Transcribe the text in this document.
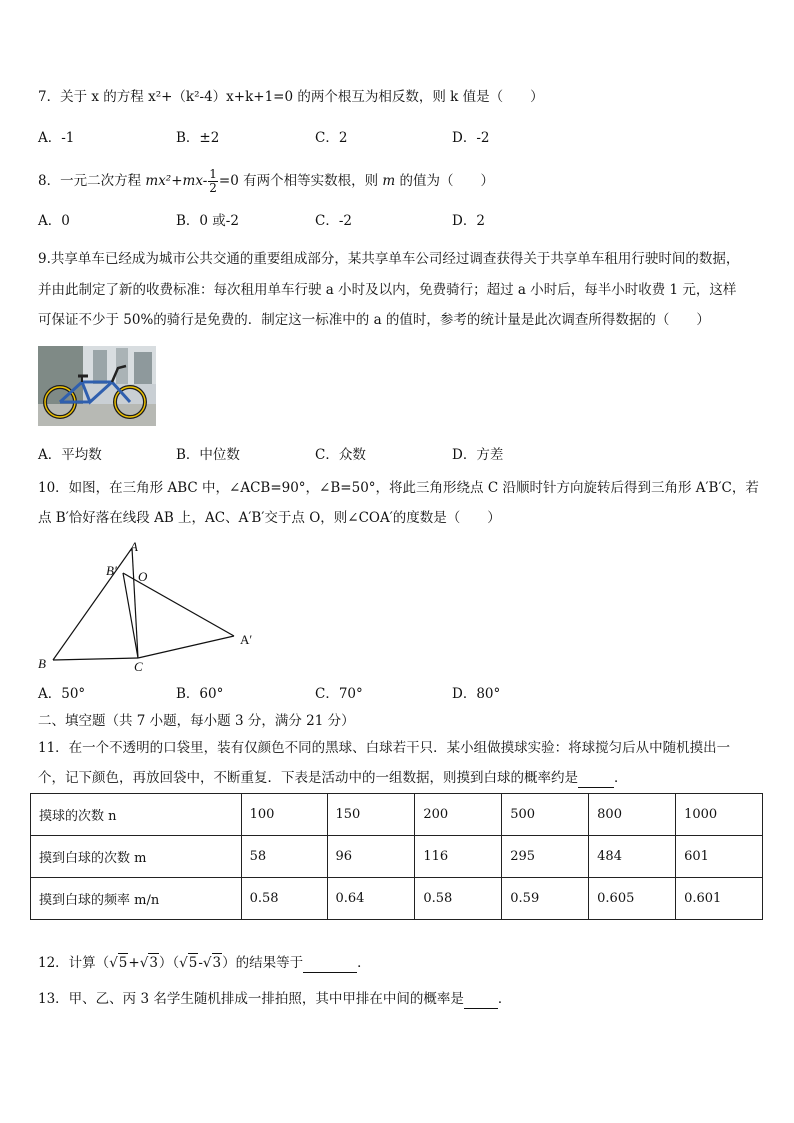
7．关于 x 的方程 x²+（k²-4）x+k+1=0 的两个根互为相反数，则 k 值是（　　）
A．-1	B．±2	C．2	D．-2
8．一元二次方程 $mx^2+mx- \frac{1}{2} =0$ 有两个相等实数根，则 m 的值为（　　）
A．0	B．0 或-2	C．-2	D．2
9.共享单车已经成为城市公共交通的重要组成部分，某共享单车公司经过调查获得关于共享单车租用行驶时间的数据，
并由此制定了新的收费标准：每次租用单车行驶 a 小时及以内，免费骑行；超过 a 小时后，每半小时收费 1 元，这样
可保证不少于 50%的骑行是免费的．制定这一标准中的 a 的值时，参考的统计量是此次调查所得数据的（　　）
A．平均数	B．中位数	C．众数	D．方差
10．如图，在三角形 ABC 中，∠ACB=90°，∠B=50°，将此三角形绕点 C 沿顺时针方向旋转后得到三角形 A′B′C，若
点 B′恰好落在线段 AB 上，AC、A′B′交于点 O，则∠COA′的度数是（　　）
A
B′ O
A′
B	C
A．50°	B．60°	C．70°	D．80°
二、填空题（共 7 小题，每小题 3 分，满分 21 分）
11．在一个不透明的口袋里，装有仅颜色不同的黑球、白球若干只．某小组做摸球实验：将球搅匀后从中随机摸出一
个，记下颜色，再放回袋中，不断重复．下表是活动中的一组数据，则摸到白球的概率约是	．
摸球的次数 n	100	150	200	500	800	1000
摸到白球的次数 m	58	96	116	295	484	601
摸到白球的频率 m/n	0.58	0.64	0.58	0.59	0.605	0.601
12．计算（√5+√3）（√5-√3）的结果等于	．
13．甲、乙、丙 3 名学生随机排成一排拍照，其中甲排在中间的概率是	．
